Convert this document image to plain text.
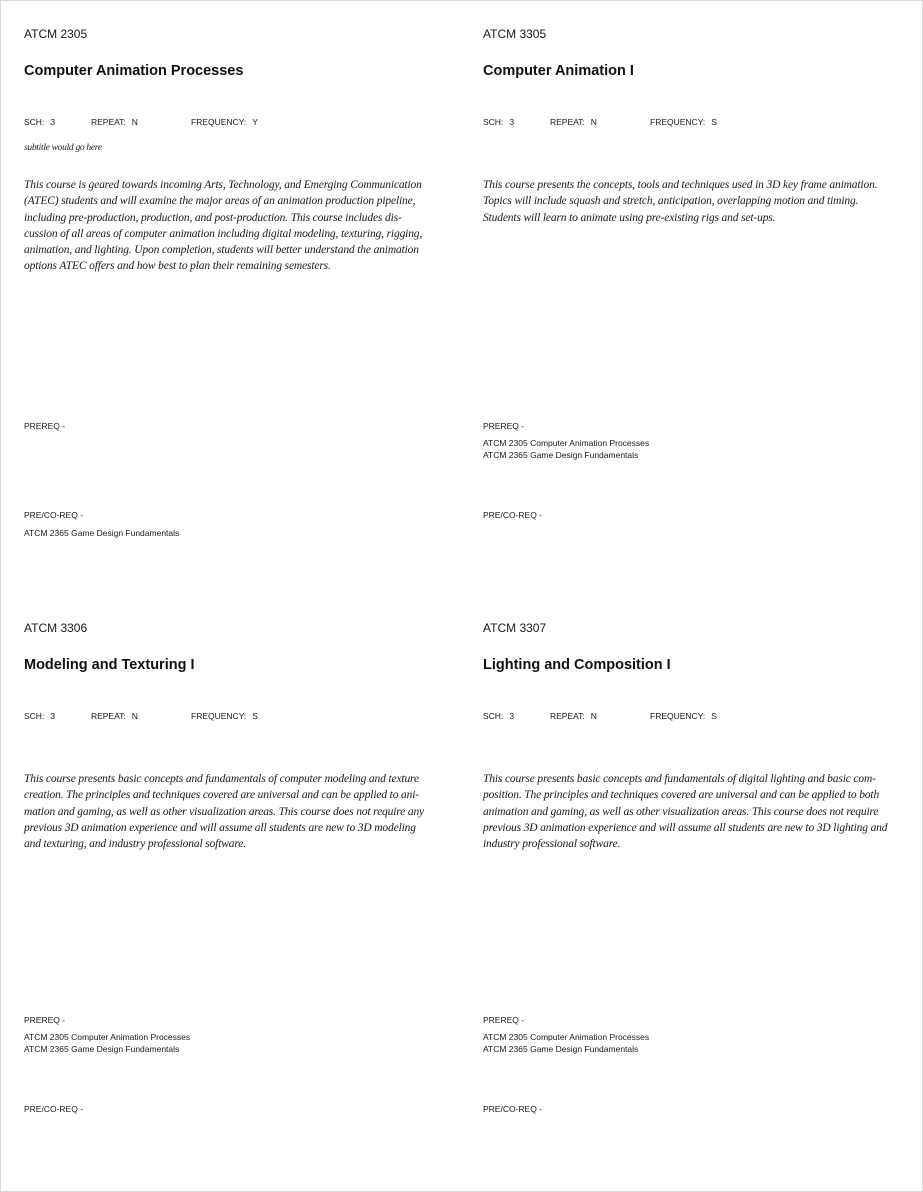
ATCM 2305
Computer Animation Processes
SCH: 3	REPEAT: N	FREQUENCY: Y
subtitle would go here
This course is geared towards incoming Arts, Technology, and Emerging Communication
(ATEC) students and will examine the major areas of an animation production pipeline,
including pre-production, production, and post-production. This course includes dis-
cussion of all areas of computer animation including digital modeling, texturing, rigging,
animation, and lighting. Upon completion, students will better understand the animation
options ATEC offers and how best to plan their remaining semesters.
PREREQ -
PRE/CO-REQ -
ATCM 2365 Game Design Fundamentals
ATCM 3305
Computer Animation I
SCH: 3	REPEAT: N	FREQUENCY: S
This course presents the concepts, tools and techniques used in 3D key frame animation.
Topics will include squash and stretch, anticipation, overlapping motion and timing.
Students will learn to animate using pre-existing rigs and set-ups.
PREREQ -
ATCM 2305 Computer Animation Processes
ATCM 2365 Game Design Fundamentals
PRE/CO-REQ -
ATCM 3306
Modeling and Texturing I
SCH: 3	REPEAT: N	FREQUENCY: S
This course presents basic concepts and fundamentals of computer modeling and texture
creation. The principles and techniques covered are universal and can be applied to ani-
mation and gaming, as well as other visualization areas. This course does not require any
previous 3D animation experience and will assume all students are new to 3D modeling
and texturing, and industry professional software.
PREREQ -
ATCM 2305 Computer Animation Processes
ATCM 2365 Game Design Fundamentals
PRE/CO-REQ -
ATCM 3307
Lighting and Composition I
SCH: 3	REPEAT: N	FREQUENCY: S
This course presents basic concepts and fundamentals of digital lighting and basic com-
position. The principles and techniques covered are universal and can be applied to both
animation and gaming, as well as other visualization areas. This course does not require
previous 3D animation experience and will assume all students are new to 3D lighting and
industry professional software.
PREREQ -
ATCM 2305 Computer Animation Processes
ATCM 2365 Game Design Fundamentals
PRE/CO-REQ -
